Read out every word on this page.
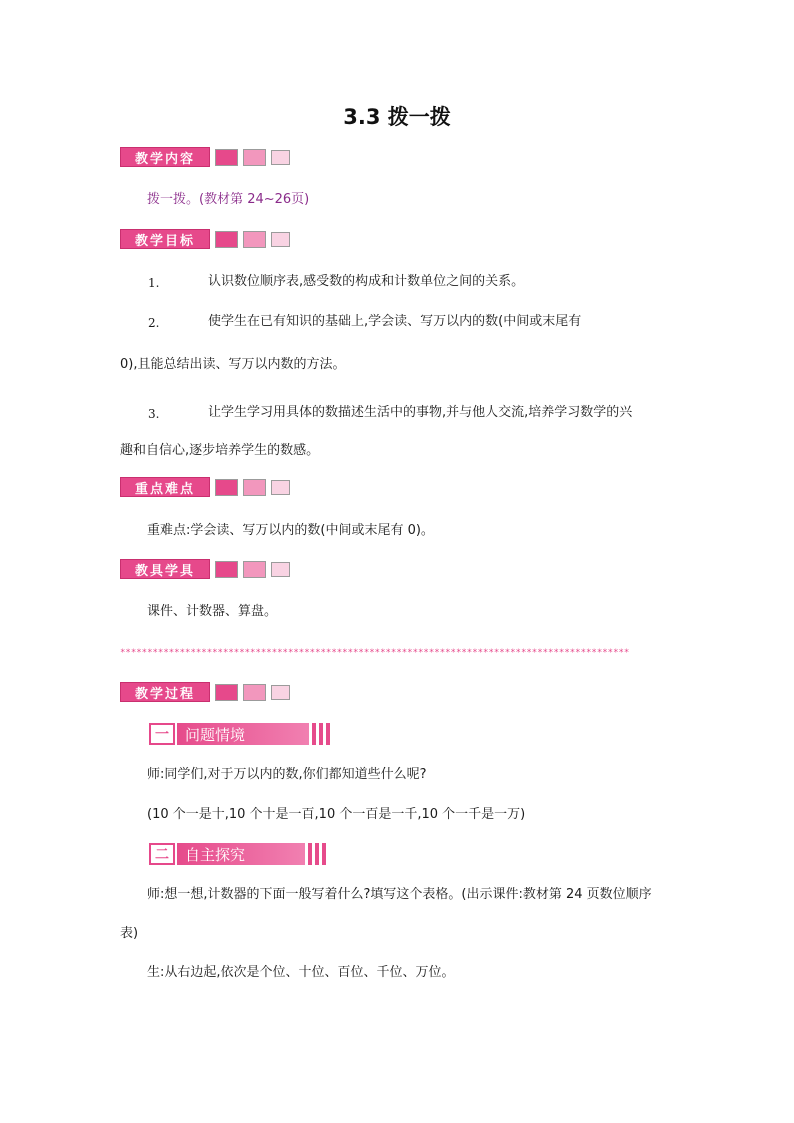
3.3 拨一拨
教学内容
拨一拨。(教材第 24~26页)
教学目标
1.	认识数位顺序表,感受数的构成和计数单位之间的关系。
2.	使学生在已有知识的基础上,学会读、写万以内的数(中间或末尾有
0),且能总结出读、写万以内数的方法。
3.	让学生学习用具体的数描述生活中的事物,并与他人交流,培养学习数学的兴
趣和自信心,逐步培养学生的数感。
重点难点
重难点:学会读、写万以内的数(中间或末尾有 0)。
教具学具
课件、计数器、算盘。
**********************************************************************************************
教学过程
一	问题情境
师:同学们,对于万以内的数,你们都知道些什么呢?
(10 个一是十,10 个十是一百,10 个一百是一千,10 个一千是一万)
二	自主探究
师:想一想,计数器的下面一般写着什么?填写这个表格。(出示课件:教材第 24 页数位顺序
表)
生:从右边起,依次是个位、十位、百位、千位、万位。
